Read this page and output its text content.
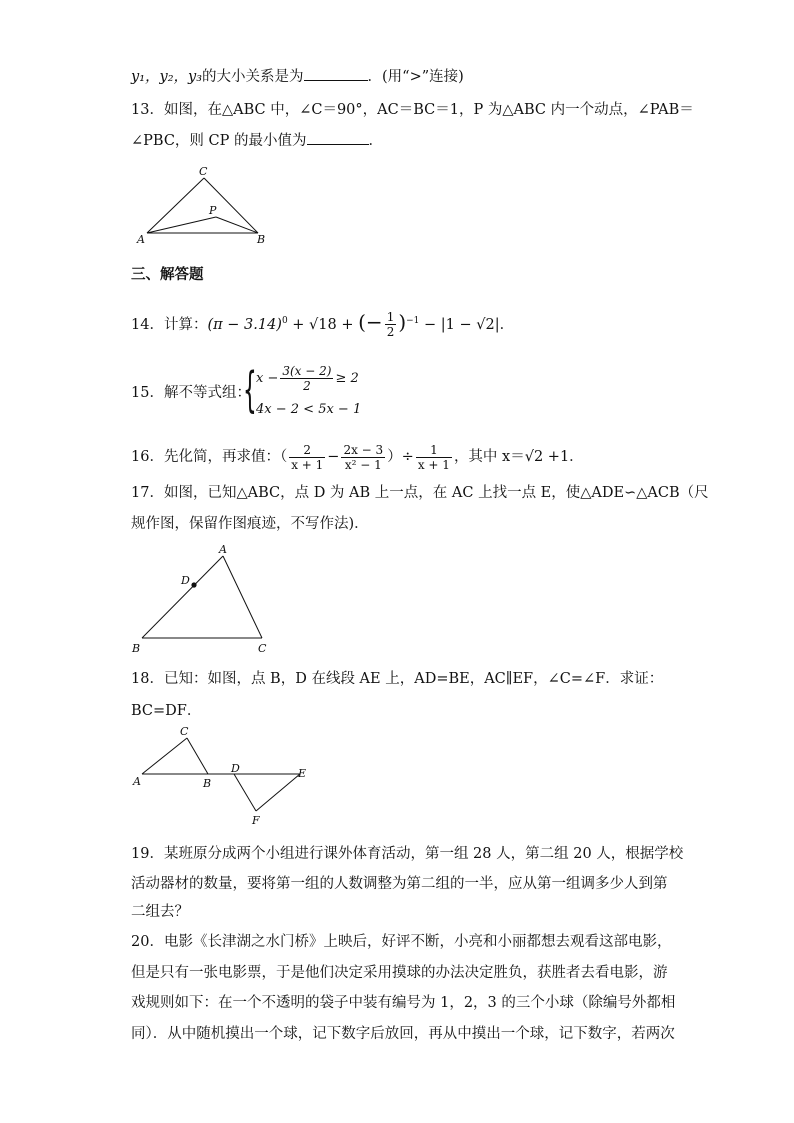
y₁，y₂，y₃的大小关系是为	．(用“>”连接)
13．如图，在△ABC 中，∠C＝90°，AC＝BC＝1，P 为△ABC 内一个动点，∠PAB＝
∠PBC，则 CP 的最小值为	．
C
P
A	B
三、解答题
14．计算：$(\pi - 3.14)^0 + √18$ + (− $\frac{1}{2} )^{-1} - |1 - √2|$．
15．解不等式组：
{ $x - \frac{3(x - 2)}{2} \ge 2$
4x − 2 < 5x − 1
16．先化简，再求值：（ $\frac{2}{x + 1} - \frac{2x - 3}{\text{x² − 1}}$ ）÷ $\frac{1}{x + 1}$ ，其中 x＝√2 +1．
17．如图，已知△ABC，点 D 为 AB 上一点，在 AC 上找一点 E，使△ADE∽△ACB（尺
规作图，保留作图痕迹，不写作法)．
A
D
B	C
18．已知：如图，点 B，D 在线段 AE 上，AD=BE，AC∥EF，∠C=∠F．求证：
BC=DF．
C
A	B
D	E
F
19．某班原分成两个小组进行课外体育活动，第一组 28 人，第二组 20 人，根据学校
活动器材的数量，要将第一组的人数调整为第二组的一半，应从第一组调多少人到第
二组去？
20．电影《长津湖之水门桥》上映后，好评不断，小亮和小丽都想去观看这部电影，
但是只有一张电影票，于是他们决定采用摸球的办法决定胜负，获胜者去看电影，游
戏规则如下：在一个不透明的袋子中装有编号为 1，2，3 的三个小球（除编号外都相
同）．从中随机摸出一个球，记下数字后放回，再从中摸出一个球，记下数字，若两次
